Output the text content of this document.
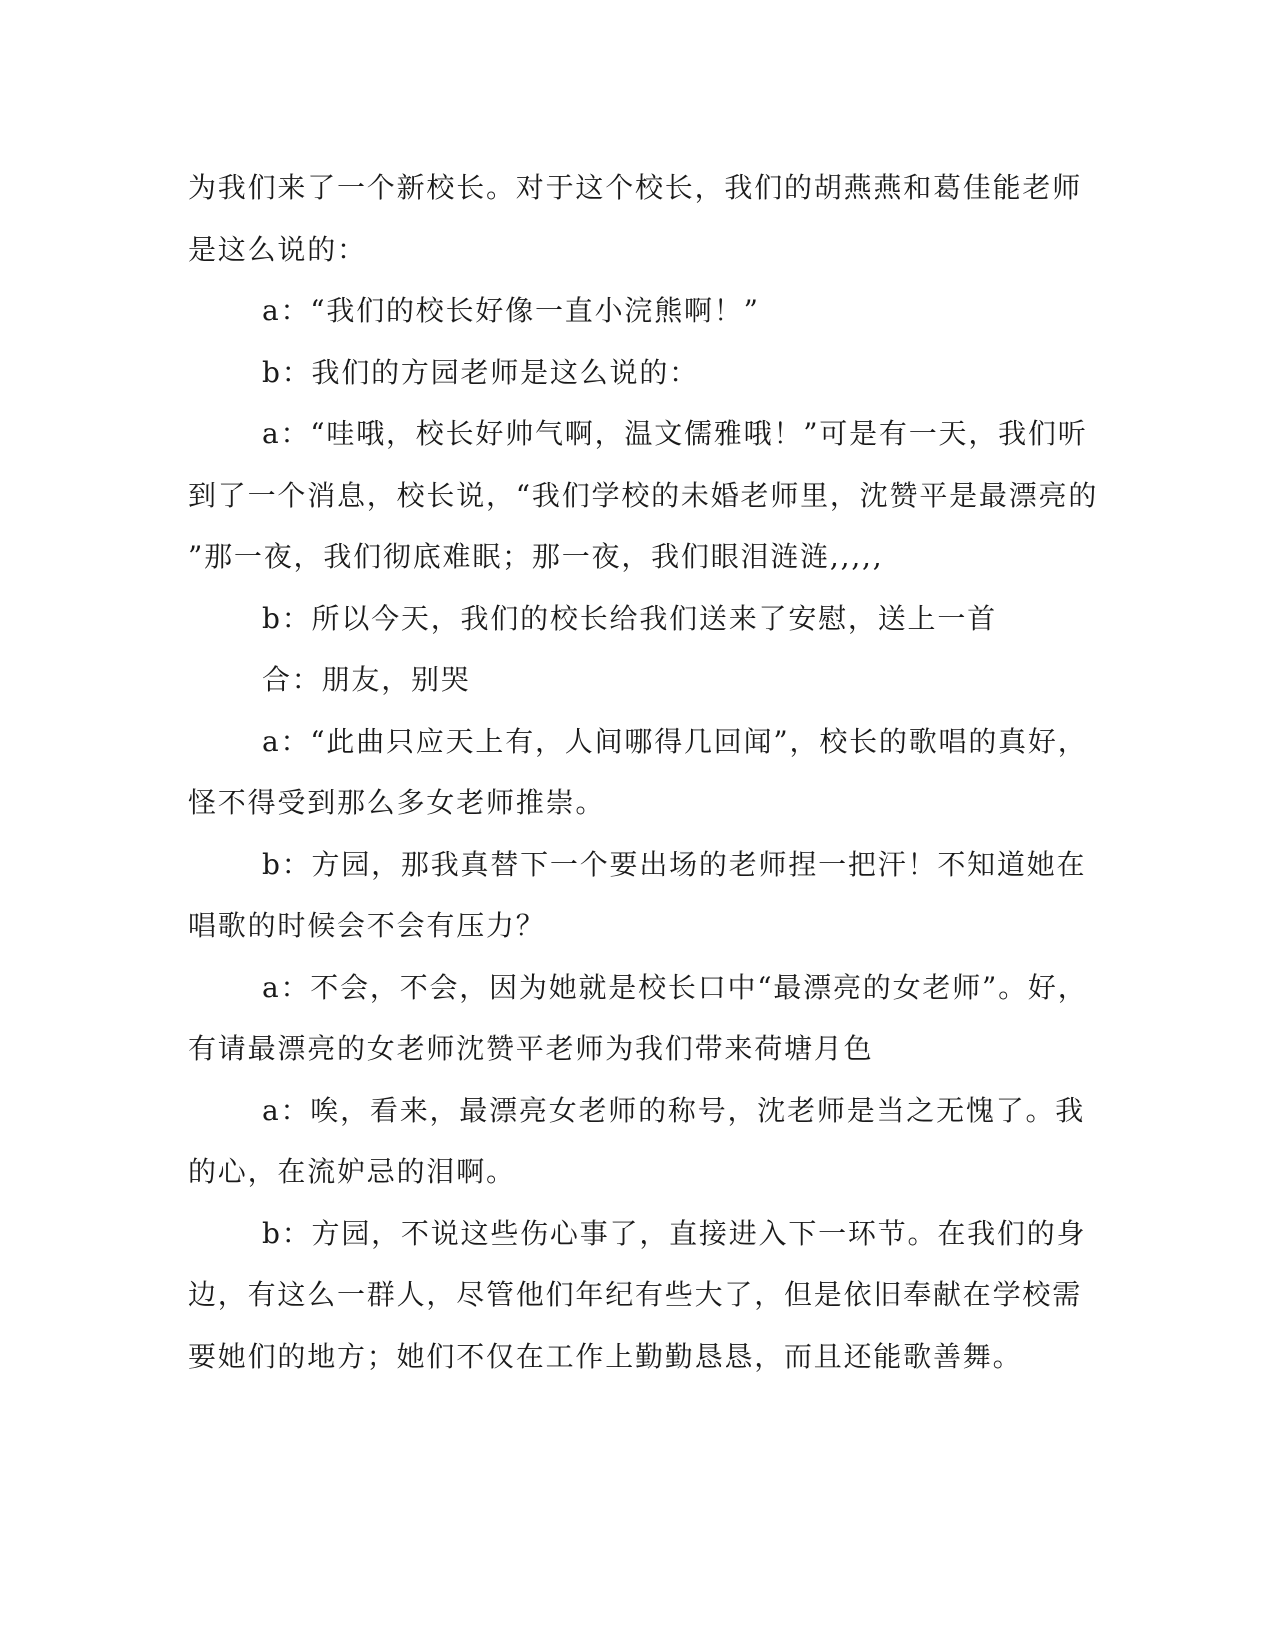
为我们来了一个新校长。对于这个校长，我们的胡燕燕和葛佳能老师

是这么说的：

a：“我们的校长好像一直小浣熊啊！”

b：我们的方园老师是这么说的：

a：“哇哦，校长好帅气啊，温文儒雅哦！”可是有一天，我们听

到了一个消息，校长说，“我们学校的未婚老师里，沈赞平是最漂亮的

”那一夜，我们彻底难眠；那一夜，我们眼泪涟涟,,,,,

b：所以今天，我们的校长给我们送来了安慰，送上一首

合：朋友，别哭

a：“此曲只应天上有，人间哪得几回闻”，校长的歌唱的真好，

怪不得受到那么多女老师推崇。

b：方园，那我真替下一个要出场的老师捏一把汗！不知道她在

唱歌的时候会不会有压力？

a：不会，不会，因为她就是校长口中“最漂亮的女老师”。好，

有请最漂亮的女老师沈赞平老师为我们带来荷塘月色

a：唉，看来，最漂亮女老师的称号，沈老师是当之无愧了。我

的心，在流妒忌的泪啊。

b：方园，不说这些伤心事了，直接进入下一环节。在我们的身

边，有这么一群人，尽管他们年纪有些大了，但是依旧奉献在学校需

要她们的地方；她们不仅在工作上勤勤恳恳，而且还能歌善舞。
